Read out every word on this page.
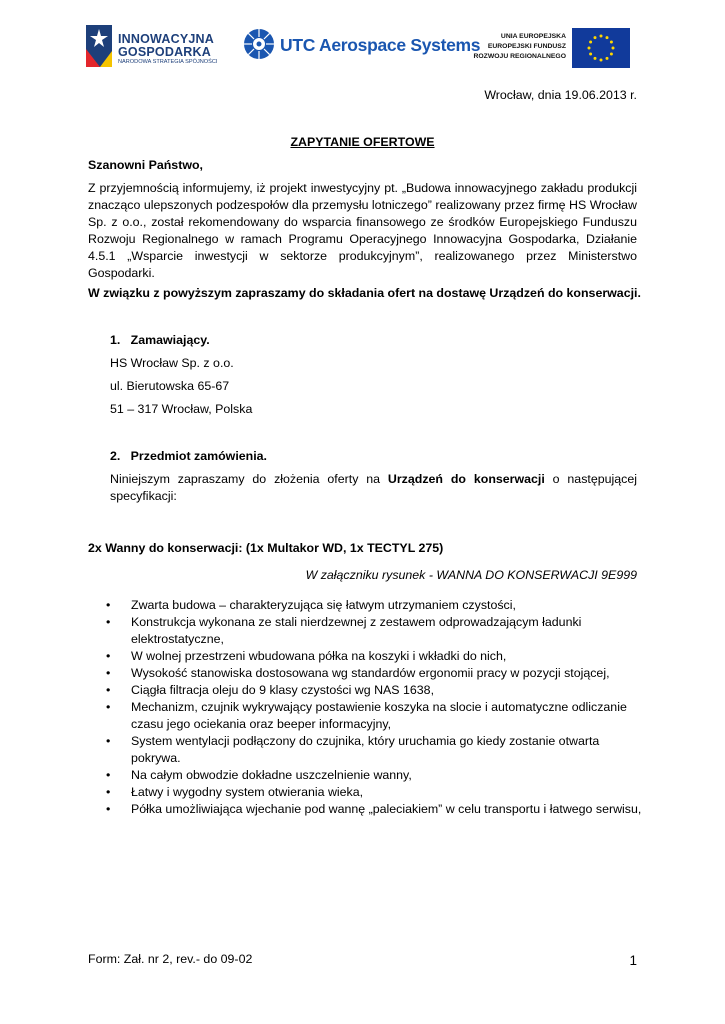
INNOWACYJNA
GOSPODARKA
NARODOWA STRATEGIA SPÓJNOŚCI
UTC Aerospace Systems	UNIA EUROPEJSKA
EUROPEJSKI FUNDUSZ
ROZWOJU REGIONALNEGO
Wrocław, dnia 19.06.2013 r.
ZAPYTANIE OFERTOWE
Szanowni Państwo,
Z przyjemnością informujemy, iż projekt inwestycyjny pt. „Budowa innowacyjnego zakładu produkcji znacząco ulepszonych podzespołów dla przemysłu lotniczego” realizowany przez firmę HS Wrocław Sp. z o.o., został rekomendowany do wsparcia finansowego ze środków Europejskiego Funduszu Rozwoju Regionalnego w ramach Programu Operacyjnego Innowacyjna Gospodarka, Działanie 4.5.1 „Wsparcie inwestycji w sektorze produkcyjnym”, realizowanego przez Ministerstwo Gospodarki.
W związku z powyższym zapraszamy do składania ofert na dostawę Urządzeń do konserwacji.
1. Zamawiający.
HS Wrocław Sp. z o.o.
ul. Bierutowska 65-67
51 – 317 Wrocław, Polska
2. Przedmiot zamówienia.
Niniejszym zapraszamy do złożenia oferty na Urządzeń do konserwacji o następującej specyfikacji:
2x Wanny do konserwacji: (1x Multakor WD, 1x TECTYL 275)
W załączniku rysunek - WANNA DO KONSERWACJI 9E999
• Zwarta budowa – charakteryzująca się łatwym utrzymaniem czystości,
• Konstrukcja wykonana ze stali nierdzewnej z zestawem odprowadzającym ładunki elektrostatyczne,
• W wolnej przestrzeni wbudowana półka na koszyki i wkładki do nich,
• Wysokość stanowiska dostosowana wg standardów ergonomii pracy w pozycji stojącej,
• Ciągła filtracja oleju do 9 klasy czystości wg NAS 1638,
• Mechanizm, czujnik wykrywający postawienie koszyka na slocie i automatyczne odliczanie czasu jego ociekania oraz beeper informacyjny,
• System wentylacji podłączony do czujnika, który uruchamia go kiedy zostanie otwarta pokrywa.
• Na całym obwodzie dokładne uszczelnienie wanny,
• Łatwy i wygodny system otwierania wieka,
• Półka umożliwiająca wjechanie pod wannę „paleciakiem” w celu transportu i łatwego serwisu,
Form: Zał. nr 2, rev.- do 09-02	1
